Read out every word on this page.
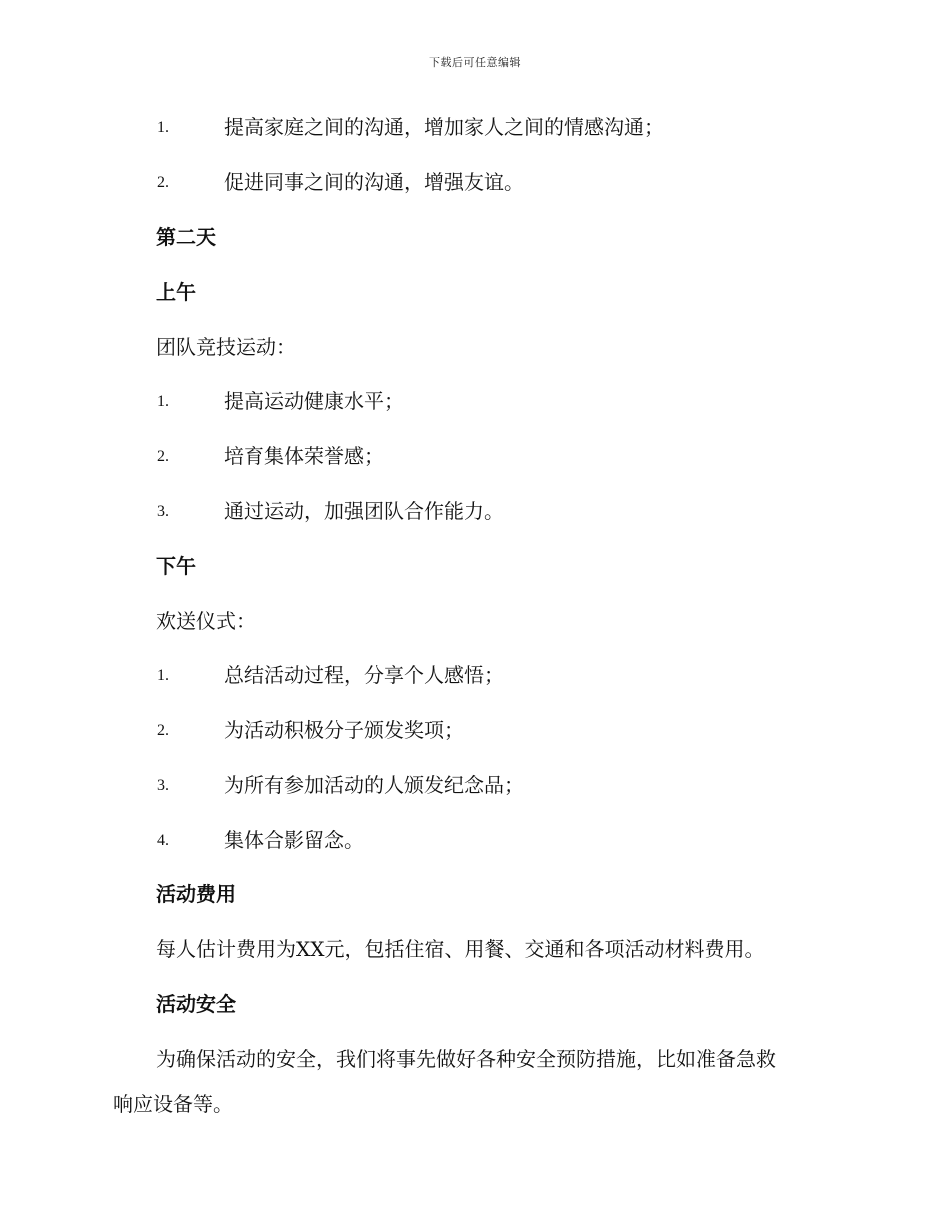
下载后可任意编辑
1.	提高家庭之间的沟通，增加家人之间的情感沟通；
2.	促进同事之间的沟通，增强友谊。
第二天
上午
团队竞技运动：
1.	提高运动健康水平；
2.	培育集体荣誉感；
3.	通过运动，加强团队合作能力。
下午
欢送仪式：
1.	总结活动过程，分享个人感悟；
2.	为活动积极分子颁发奖项；
3.	为所有参加活动的人颁发纪念品；
4.	集体合影留念。
活动费用
每人估计费用为XX元，包括住宿、用餐、交通和各项活动材料费用。
活动安全
为确保活动的安全，我们将事先做好各种安全预防措施，比如准备急救
响应设备等。
